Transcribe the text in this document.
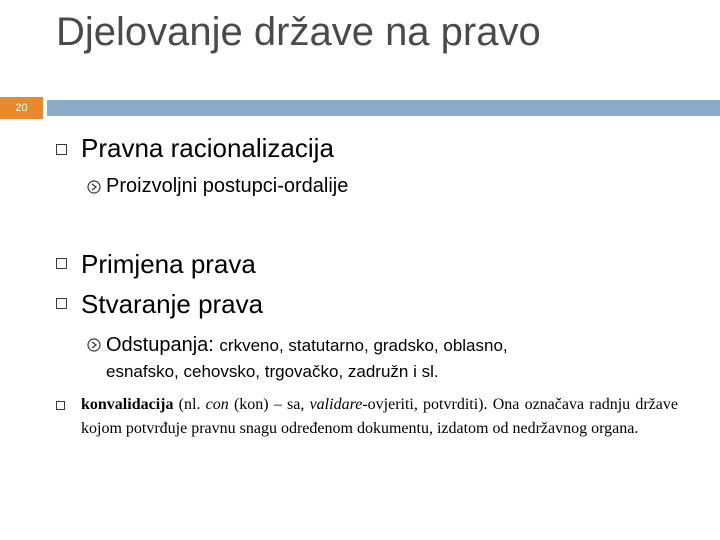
Djelovanje države na pravo
20
Pravna racionalizacija
Proizvoljni postupci-ordalije
Primjena prava
Stvaranje prava
Odstupanja: crkveno, statutarno, gradsko, oblasno,
esnafsko, cehovsko, trgovačko, zadružn i sl.
konvalidacija (nl. con (kon) – sa, validare-ovjeriti, potvrditi). Ona označava radnju države kojom potvrđuje pravnu snagu određenom dokumentu, izdatom od nedržavnog organa.
